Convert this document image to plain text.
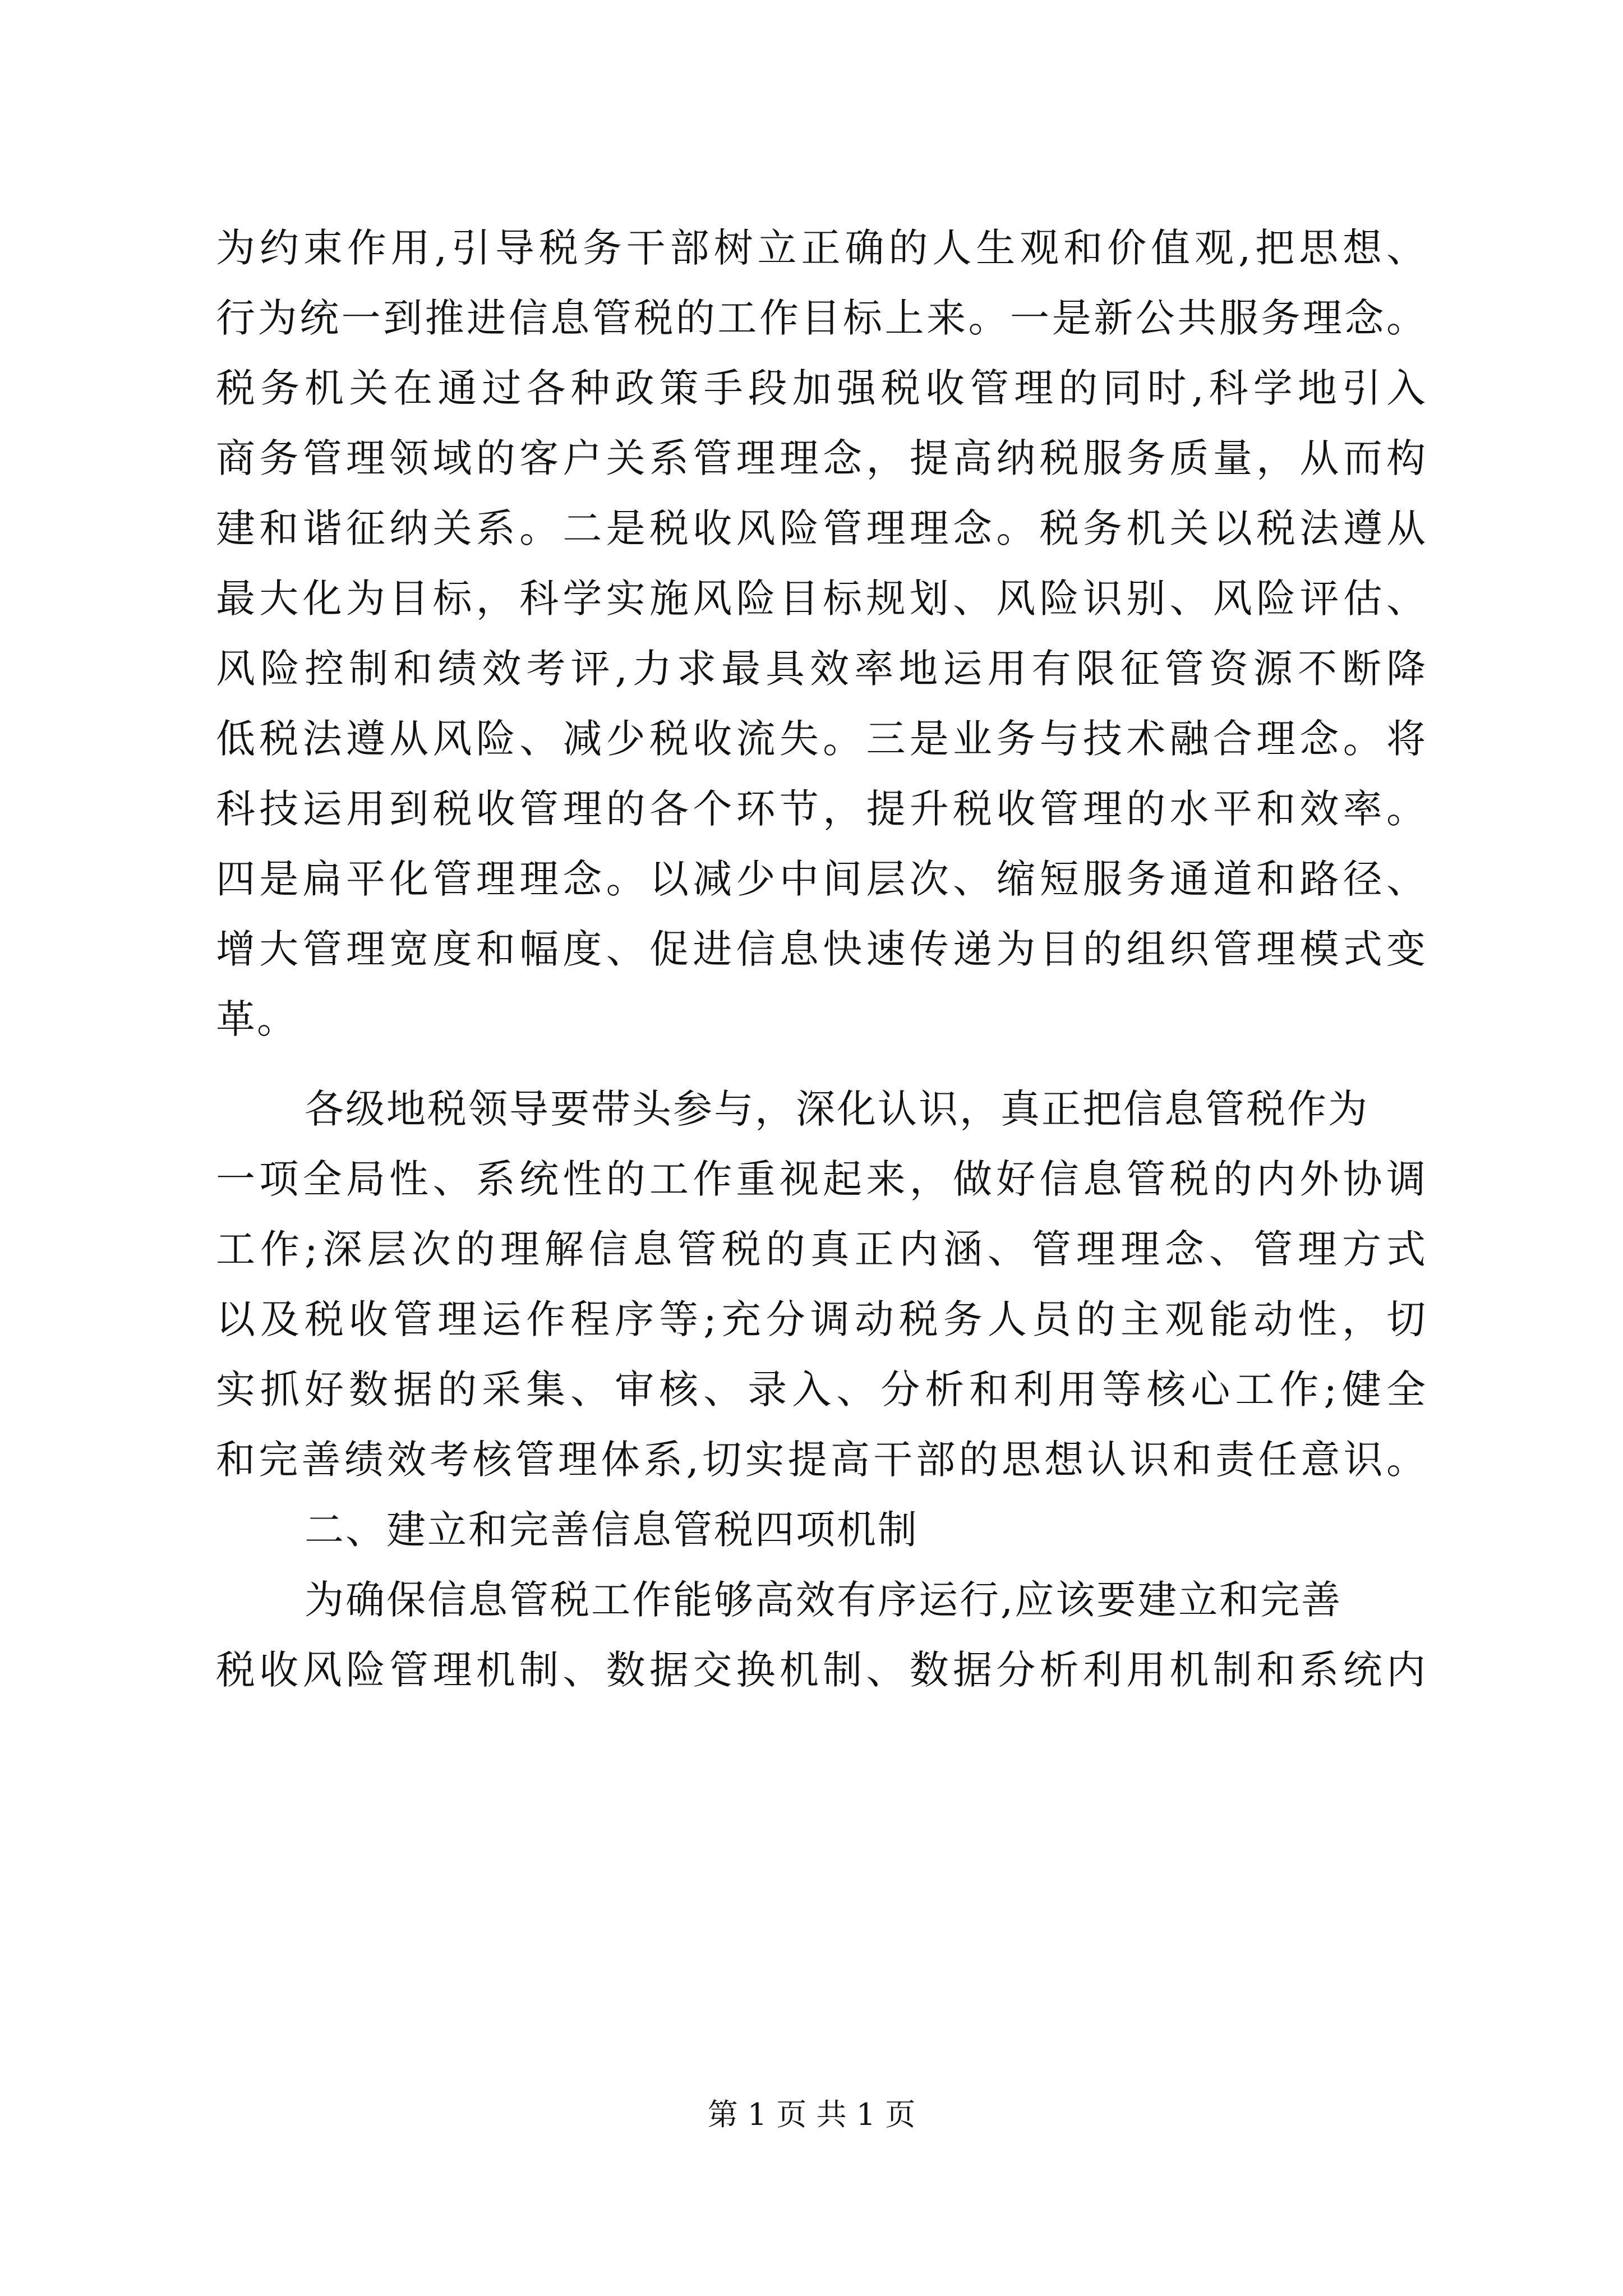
为约束作用,引导税务干部树立正确的人生观和价值观,把思想、
行为统一到推进信息管税的工作目标上来。一是新公共服务理念。
税务机关在通过各种政策手段加强税收管理的同时,科学地引入
商务管理领域的客户关系管理理念，提高纳税服务质量，从而构
建和谐征纳关系。二是税收风险管理理念。税务机关以税法遵从
最大化为目标，科学实施风险目标规划、风险识别、风险评估、
风险控制和绩效考评,力求最具效率地运用有限征管资源不断降
低税法遵从风险、减少税收流失。三是业务与技术融合理念。将
科技运用到税收管理的各个环节，提升税收管理的水平和效率。
四是扁平化管理理念。以减少中间层次、缩短服务通道和路径、
增大管理宽度和幅度、促进信息快速传递为目的组织管理模式变
革。
各级地税领导要带头参与，深化认识，真正把信息管税作为
一项全局性、系统性的工作重视起来，做好信息管税的内外协调
工作;深层次的理解信息管税的真正内涵、管理理念、管理方式
以及税收管理运作程序等;充分调动税务人员的主观能动性，切
实抓好数据的采集、审核、录入、分析和利用等核心工作;健全
和完善绩效考核管理体系,切实提高干部的思想认识和责任意识。
二、建立和完善信息管税四项机制
为确保信息管税工作能够高效有序运行,应该要建立和完善
税收风险管理机制、数据交换机制、数据分析利用机制和系统内
第 1 页 共 1 页
